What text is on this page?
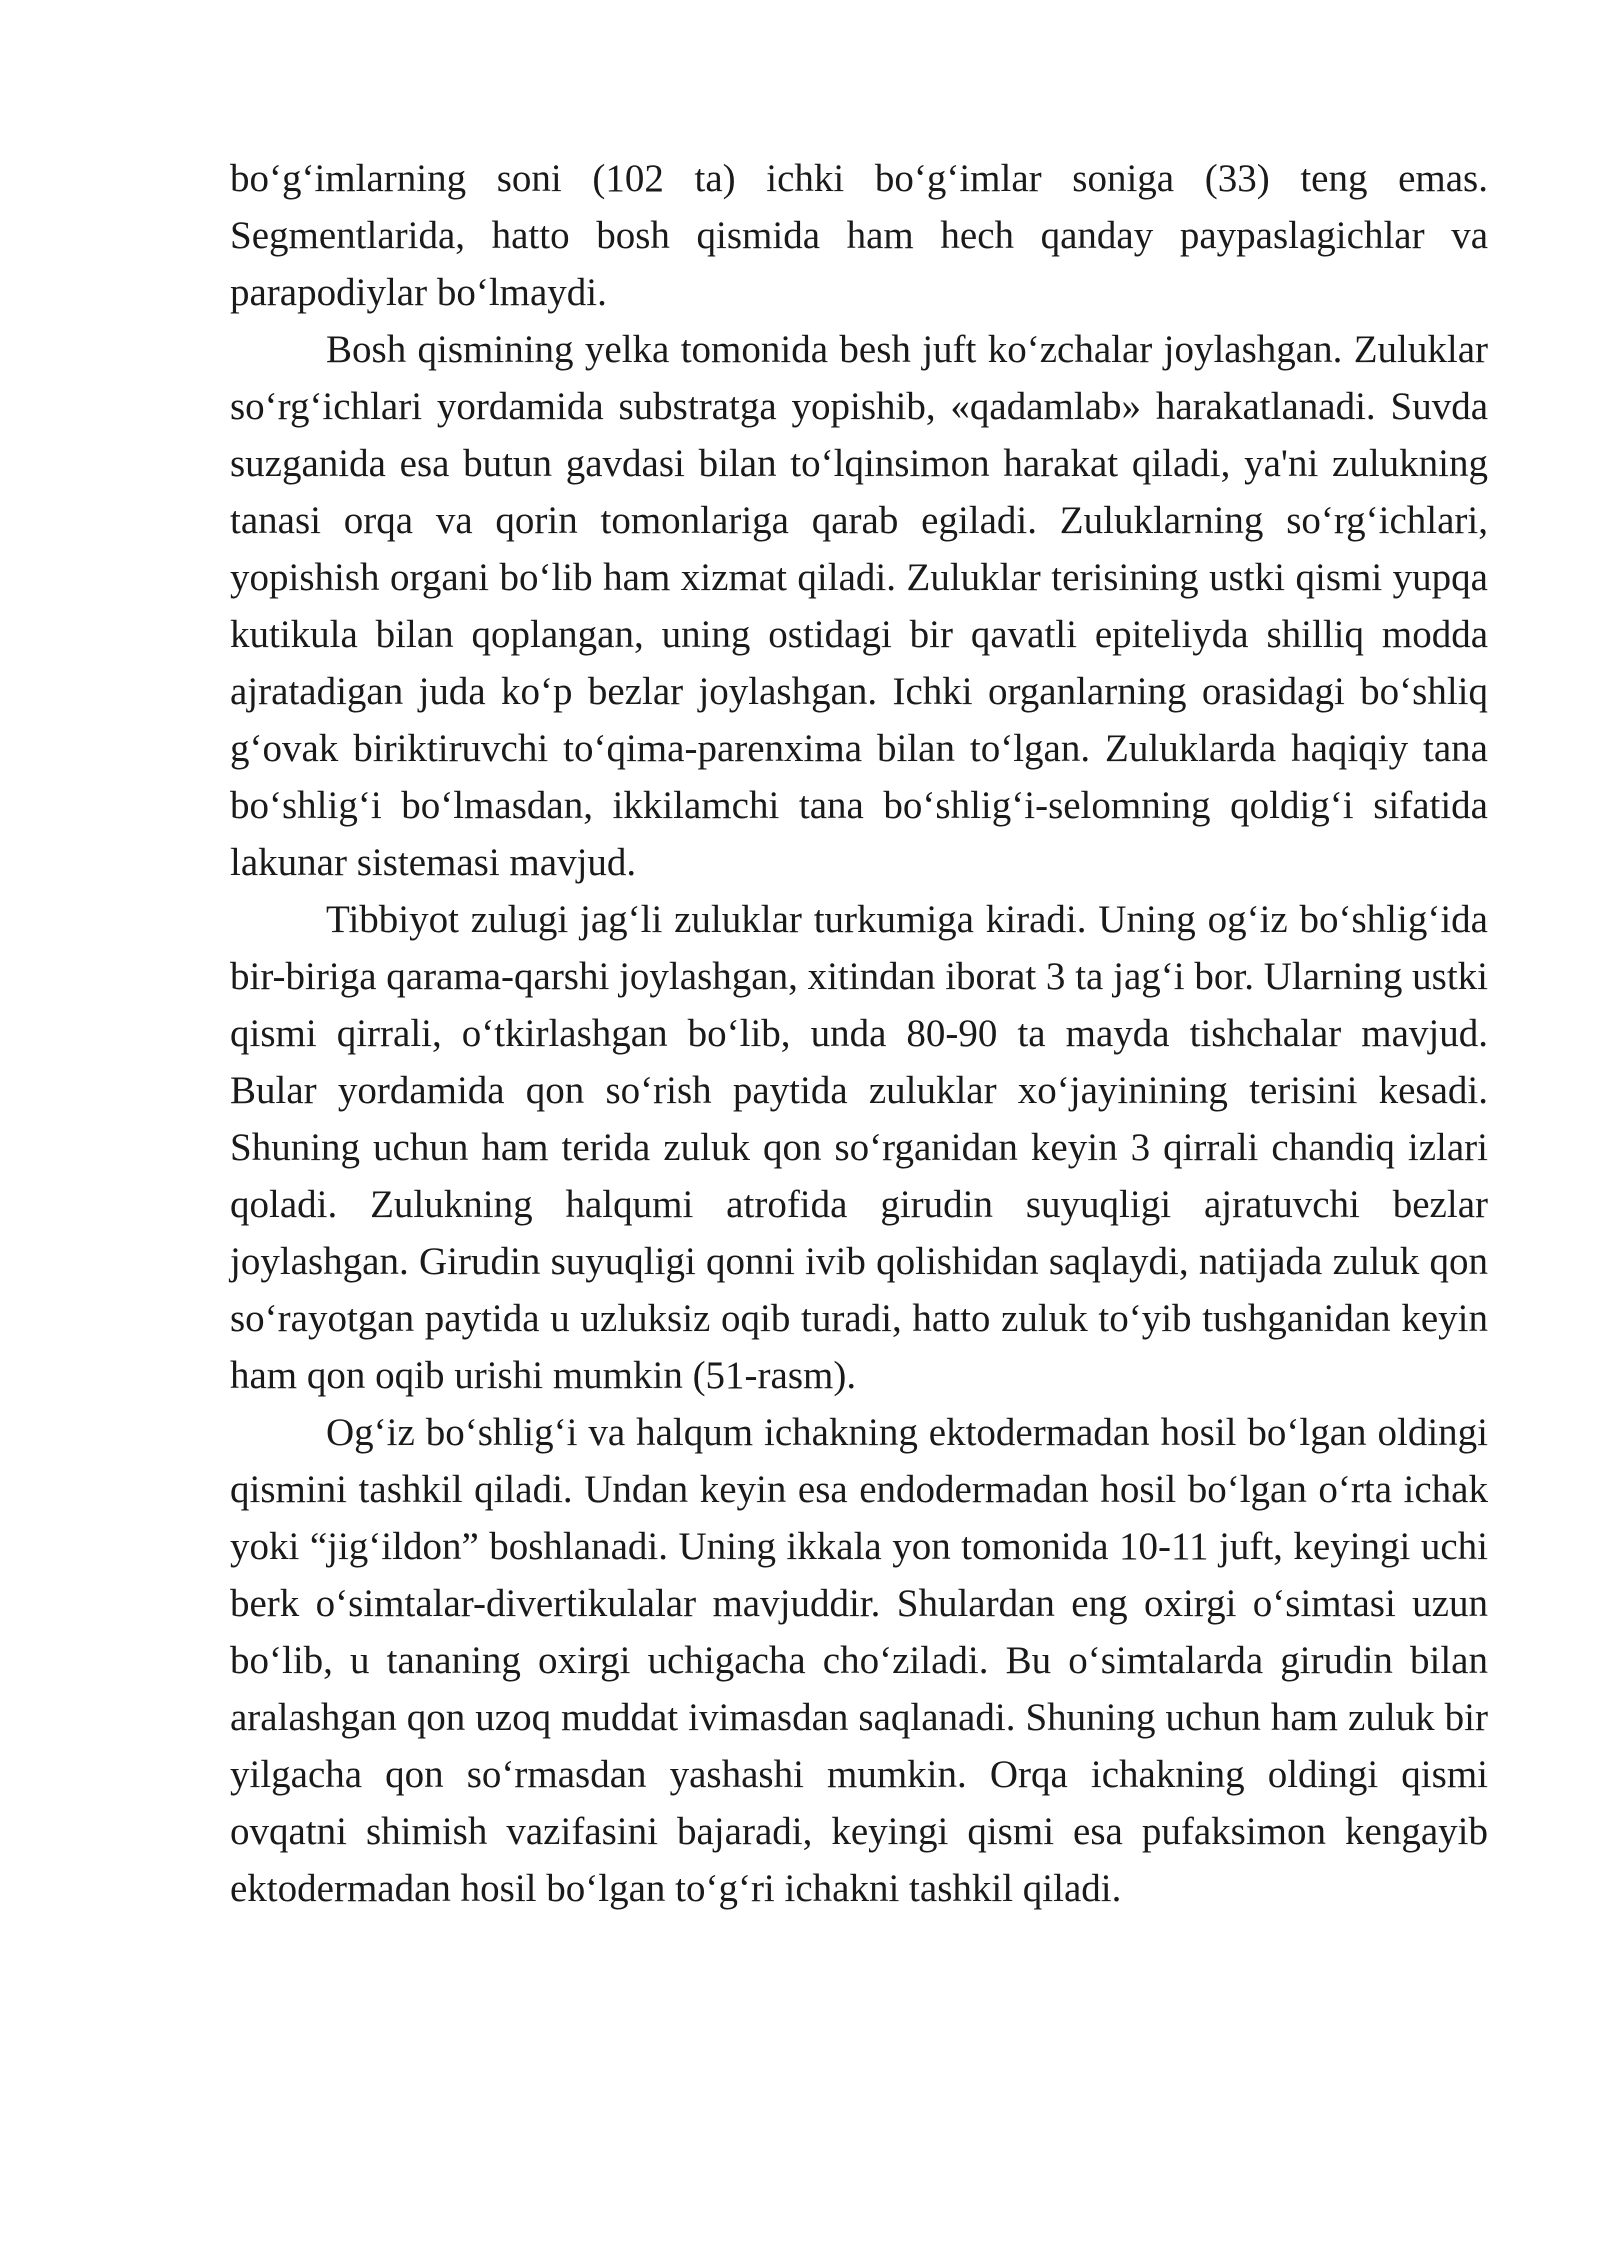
bo‘g‘imlarning soni (102 ta) ichki bo‘g‘imlar soniga (33) teng emas. Segmentlarida, hatto bosh qismida ham hech qanday paypaslagichlar va parapodiylar bo‘lmaydi.

Bosh qismining yelka tomonida besh juft ko‘zchalar joylashgan. Zuluklar so‘rg‘ichlari yordamida substratga yopishib, «qadamlab» harakatlanadi. Suvda suzganida esa butun gavdasi bilan to‘lqinsimon harakat qiladi, ya'ni zulukning tanasi orqa va qorin tomonlariga qarab egiladi. Zuluklarning so‘rg‘ichlari, yopishish organi bo‘lib ham xizmat qiladi. Zuluklar terisining ustki qismi yupqa kutikula bilan qoplangan, uning ostidagi bir qavatli epiteliyda shilliq modda ajratadigan juda ko‘p bezlar joylashgan. Ichki organlarning orasidagi bo‘shliq g‘ovak biriktiruvchi to‘qima-parenxima bilan to‘lgan. Zuluklarda haqiqiy tana bo‘shlig‘i bo‘lmasdan, ikkilamchi tana bo‘shlig‘i-selomning qoldig‘i sifatida lakunar sistemasi mavjud.

Tibbiyot zulugi jag‘li zuluklar turkumiga kiradi. Uning og‘iz bo‘shlig‘ida bir-biriga qarama-qarshi joylashgan, xitindan iborat 3 ta jag‘i bor. Ularning ustki qismi qirrali, o‘tkirlashgan bo‘lib, unda 80-90 ta mayda tishchalar mavjud. Bular yordamida qon so‘rish paytida zuluklar xo‘jayinining terisini kesadi. Shuning uchun ham terida zuluk qon so‘rganidan keyin 3 qirrali chandiq izlari qoladi. Zulukning halqumi atrofida girudin suyuqligi ajratuvchi bezlar joylashgan. Girudin suyuqligi qonni ivib qolishidan saqlaydi, natijada zuluk qon so‘rayotgan paytida u uzluksiz oqib turadi, hatto zuluk to‘yib tushganidan keyin ham qon oqib urishi mumkin (51-rasm).

Og‘iz bo‘shlig‘i va halqum ichakning ektodermadan hosil bo‘lgan oldingi qismini tashkil qiladi. Undan keyin esa endodermadan hosil bo‘lgan o‘rta ichak yoki “jig‘ildon” boshlanadi. Uning ikkala yon tomonida 10-11 juft, keyingi uchi berk o‘simtalar-divertikulalar mavjuddir. Shulardan eng oxirgi o‘simtasi uzun bo‘lib, u tananing oxirgi uchigacha cho‘ziladi. Bu o‘simtalarda girudin bilan aralashgan qon uzoq muddat ivimasdan saqlanadi. Shuning uchun ham zuluk bir yilgacha qon so‘rmasdan yashashi mumkin. Orqa ichakning oldingi qismi ovqatni shimish vazifasini bajaradi, keyingi qismi esa pufaksimon kengayib ektodermadan hosil bo‘lgan to‘g‘ri ichakni tashkil qiladi.
